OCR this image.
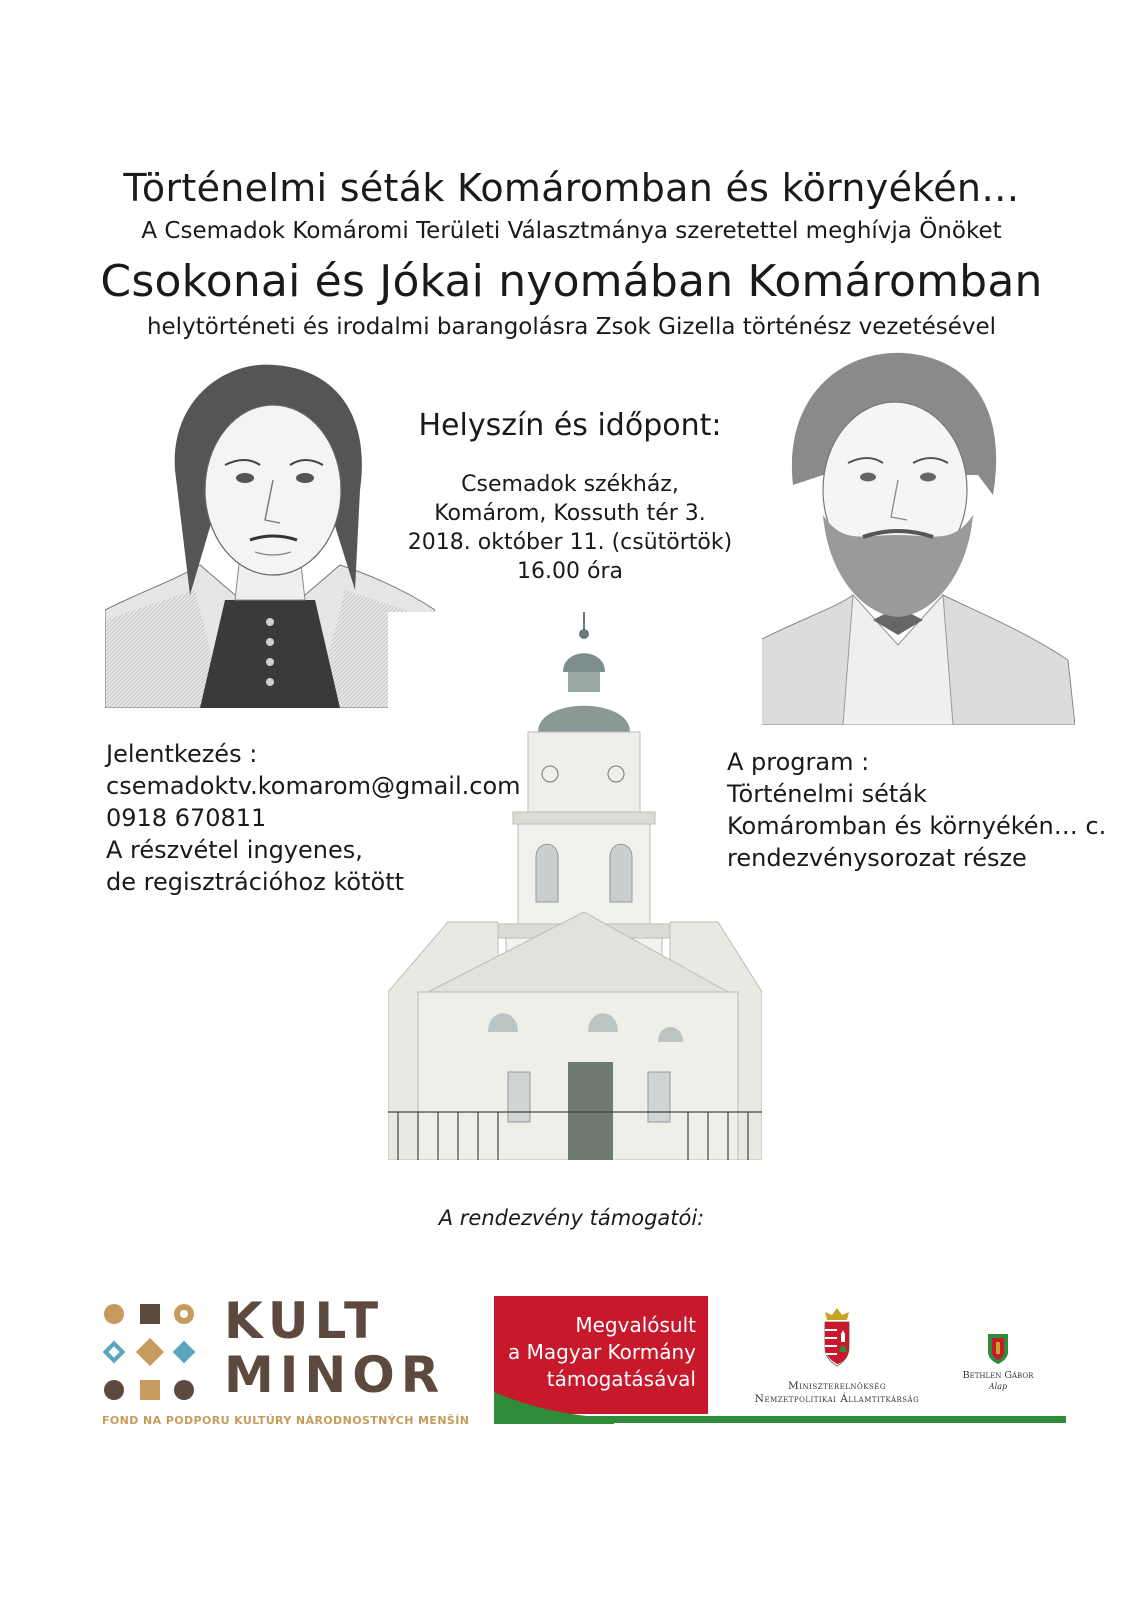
Történelmi séták Komáromban és környékén…
A Csemadok Komáromi Területi Választmánya szeretettel meghívja Önöket
Csokonai és Jókai nyomában Komáromban
helytörténeti és irodalmi barangolásra Zsok Gizella történész vezetésével
Helyszín és időpont:
Csemadok székház,
Komárom, Kossuth tér 3.
2018. október 11. (csütörtök)
16.00 óra
Jelentkezés :
csemadoktv.komarom@gmail.com
0918 670811
A részvétel ingyenes,
de regisztrációhoz kötött
A program :
Történelmi séták
Komáromban és környékén… c.
rendezvénysorozat része
A rendezvény támogatói:
KULT
MINOR
FOND NA PODPORU KULTÚRY NÁRODNOSTNÝCH MENŠÍN
Megvalósult
a Magyar Kormány
támogatásával	Miniszterelnökség
Nemzetpolitikai Államtitkárság
Bethlen Gábor
Alap
